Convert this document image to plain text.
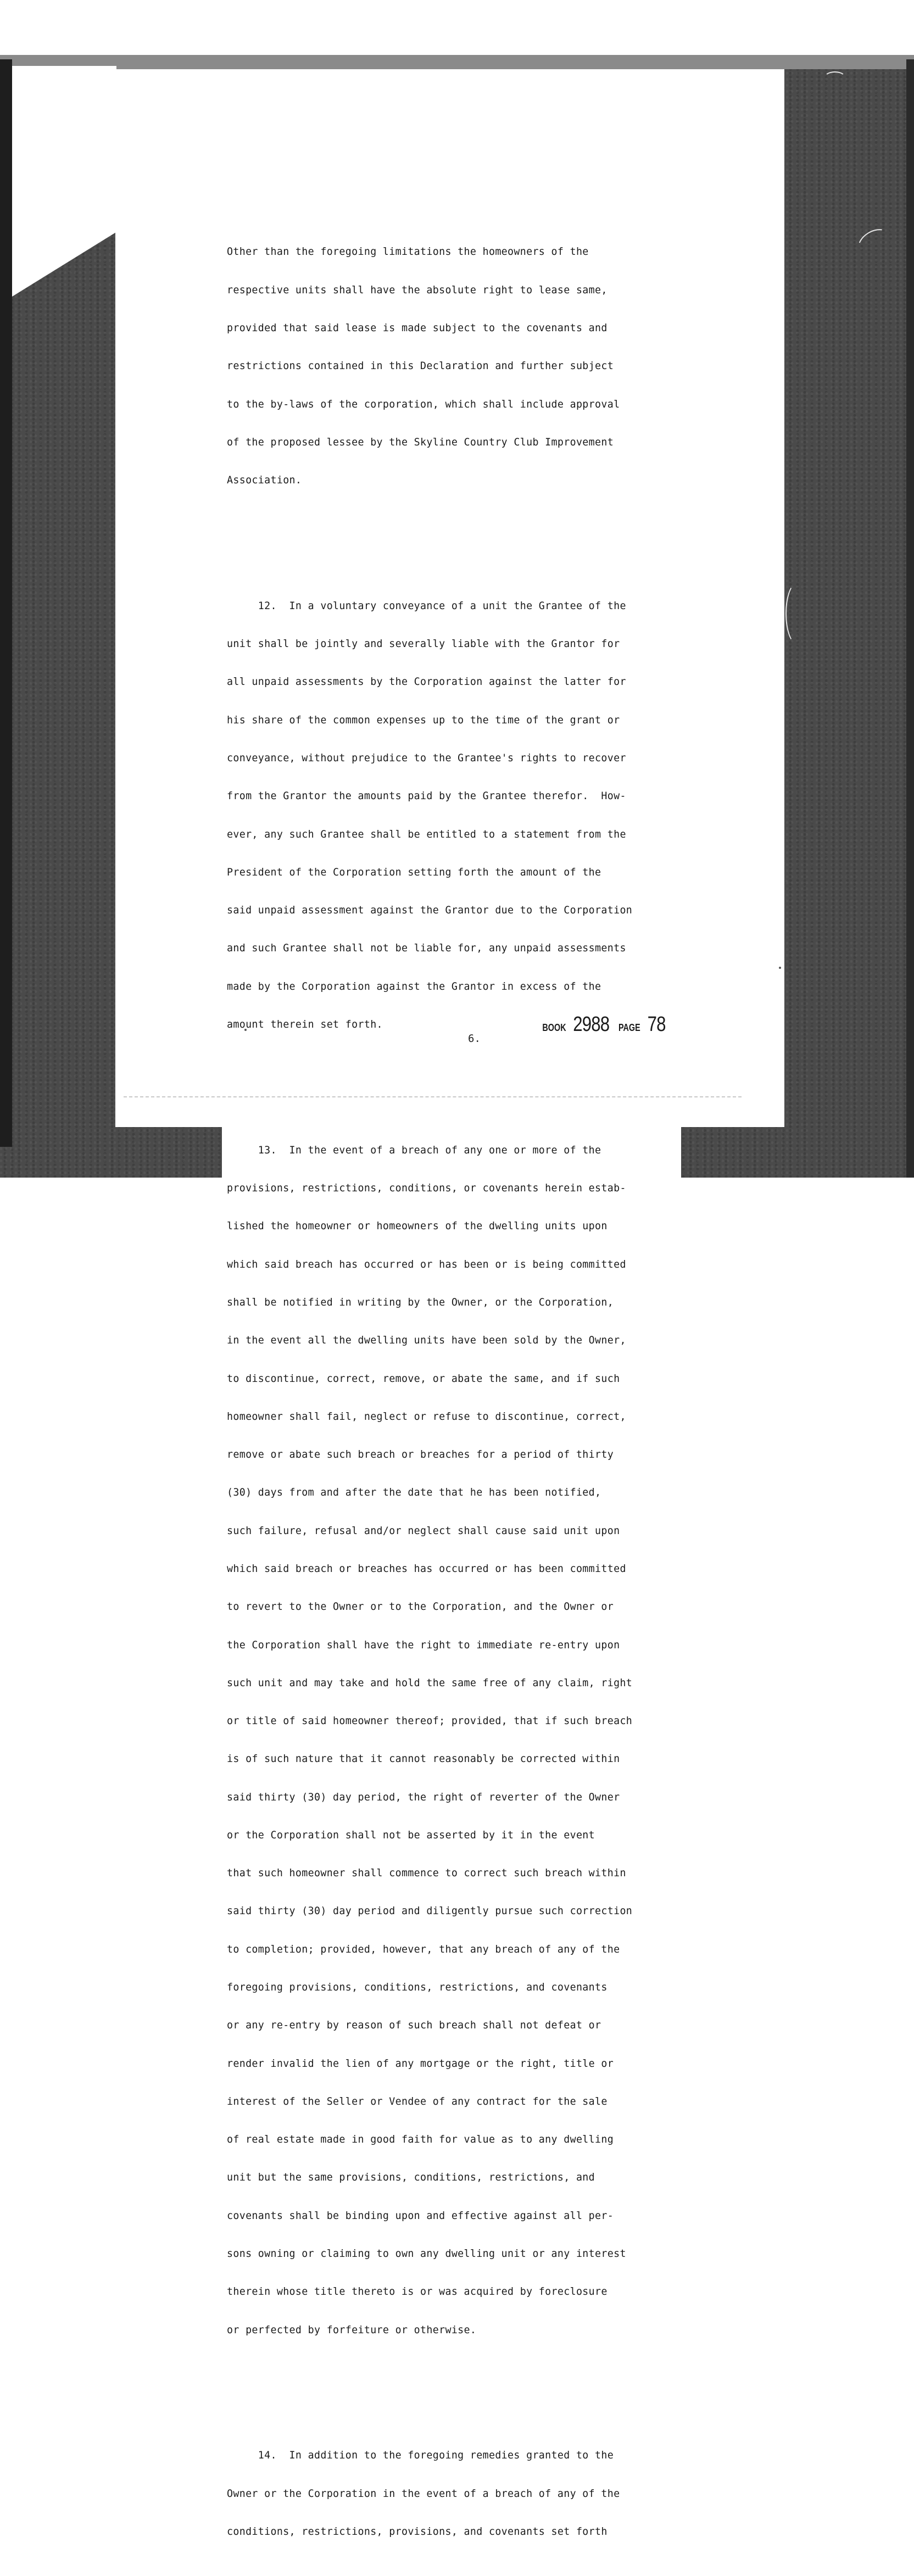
Other than the foregoing limitations the homeowners of the

respective units shall have the absolute right to lease same,

provided that said lease is made subject to the covenants and

restrictions contained in this Declaration and further subject

to the by-laws of the corporation, which shall include approval

of the proposed lessee by the Skyline Country Club Improvement

Association.

12.  In a voluntary conveyance of a unit the Grantee of the

unit shall be jointly and severally liable with the Grantor for

all unpaid assessments by the Corporation against the latter for

his share of the common expenses up to the time of the grant or

conveyance, without prejudice to the Grantee's rights to recover

from the Grantor the amounts paid by the Grantee therefor.  How-

ever, any such Grantee shall be entitled to a statement from the

President of the Corporation setting forth the amount of the

said unpaid assessment against the Grantor due to the Corporation

and such Grantee shall not be liable for, any unpaid assessments

made by the Corporation against the Grantor in excess of the

amount therein set forth.

13.  In the event of a breach of any one or more of the

provisions, restrictions, conditions, or covenants herein estab-

lished the homeowner or homeowners of the dwelling units upon

which said breach has occurred or has been or is being committed

shall be notified in writing by the Owner, or the Corporation,

in the event all the dwelling units have been sold by the Owner,

to discontinue, correct, remove, or abate the same, and if such

homeowner shall fail, neglect or refuse to discontinue, correct,

remove or abate such breach or breaches for a period of thirty

(30) days from and after the date that he has been notified,

such failure, refusal and/or neglect shall cause said unit upon

which said breach or breaches has occurred or has been committed

to revert to the Owner or to the Corporation, and the Owner or

the Corporation shall have the right to immediate re-entry upon

such unit and may take and hold the same free of any claim, right

or title of said homeowner thereof; provided, that if such breach

is of such nature that it cannot reasonably be corrected within

said thirty (30) day period, the right of reverter of the Owner

or the Corporation shall not be asserted by it in the event

that such homeowner shall commence to correct such breach within

said thirty (30) day period and diligently pursue such correction

to completion; provided, however, that any breach of any of the

foregoing provisions, conditions, restrictions, and covenants

or any re-entry by reason of such breach shall not defeat or

render invalid the lien of any mortgage or the right, title or

interest of the Seller or Vendee of any contract for the sale

of real estate made in good faith for value as to any dwelling

unit but the same provisions, conditions, restrictions, and

covenants shall be binding upon and effective against all per-

sons owning or claiming to own any dwelling unit or any interest

therein whose title thereto is or was acquired by foreclosure

or perfected by forfeiture or otherwise.

14.  In addition to the foregoing remedies granted to the

Owner or the Corporation in the event of a breach of any of the

conditions, restrictions, provisions, and covenants set forth

6.
BOOK 2988 PAGE 78
